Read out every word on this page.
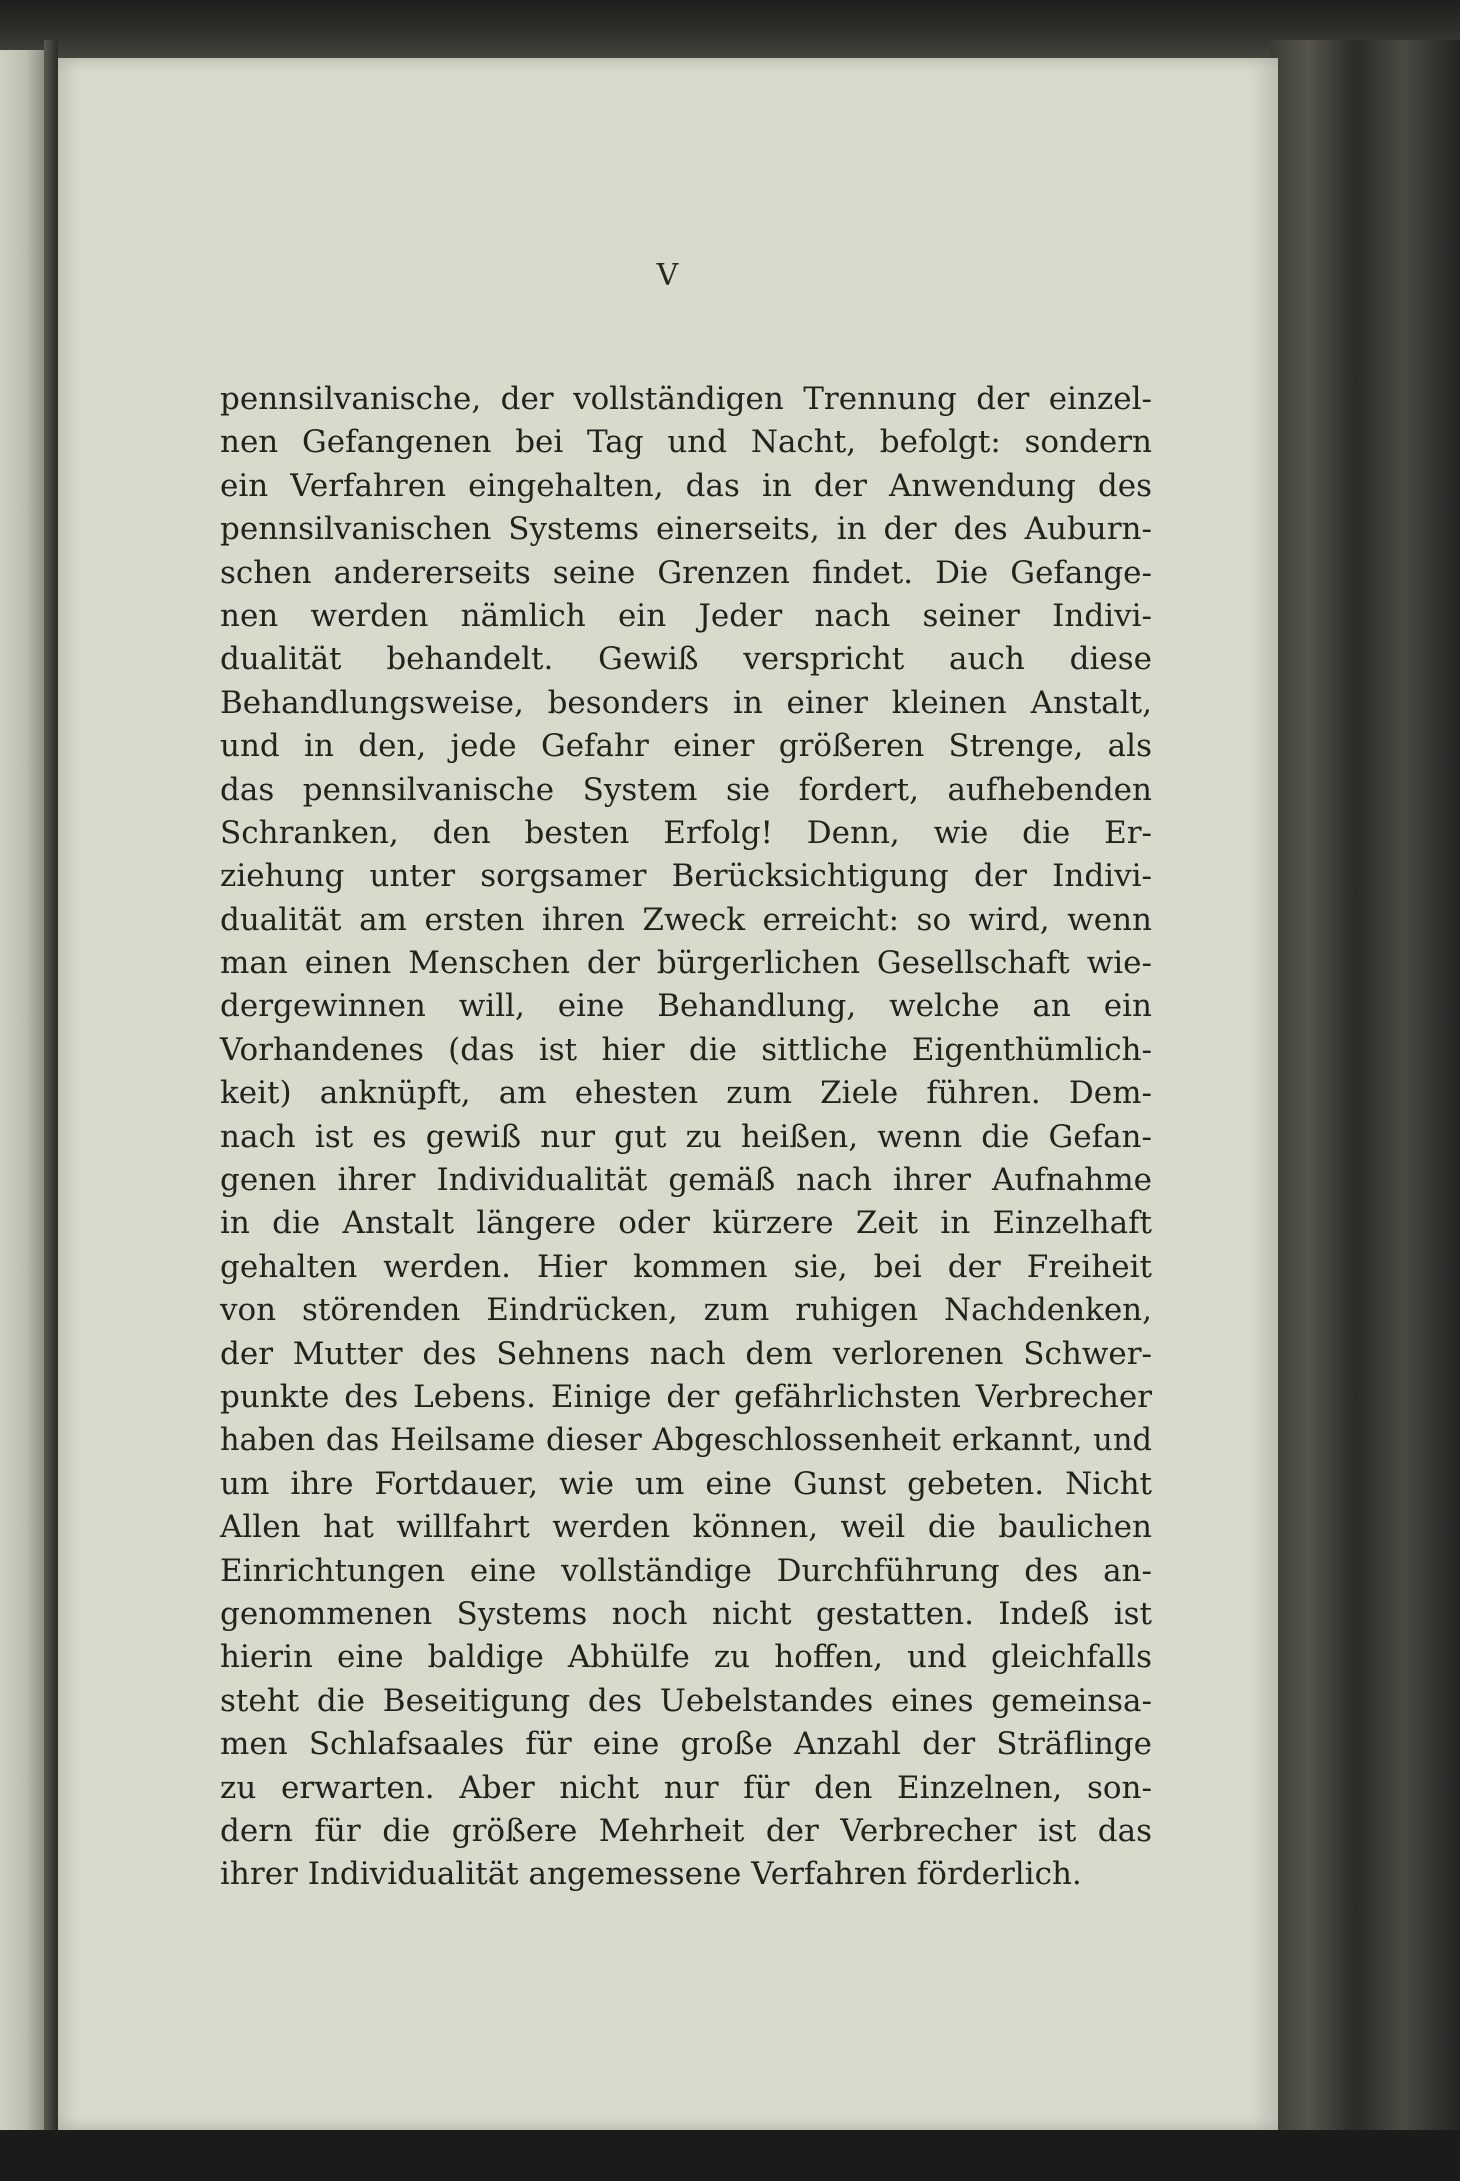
V
pennsilvanische, der vollständigen Trennung der einzel-
nen Gefangenen bei Tag und Nacht, befolgt: sondern
ein Verfahren eingehalten, das in der Anwendung des
pennsilvanischen Systems einerseits, in der des Auburn-
schen andererseits seine Grenzen findet. Die Gefange-
nen werden nämlich ein Jeder nach seiner Indivi-
dualität behandelt. Gewiß verspricht auch diese
Behandlungsweise, besonders in einer kleinen Anstalt,
und in den, jede Gefahr einer größeren Strenge, als
das pennsilvanische System sie fordert, aufhebenden
Schranken, den besten Erfolg! Denn, wie die Er-
ziehung unter sorgsamer Berücksichtigung der Indivi-
dualität am ersten ihren Zweck erreicht: so wird, wenn
man einen Menschen der bürgerlichen Gesellschaft wie-
dergewinnen will, eine Behandlung, welche an ein
Vorhandenes (das ist hier die sittliche Eigenthümlich-
keit) anknüpft, am ehesten zum Ziele führen. Dem-
nach ist es gewiß nur gut zu heißen, wenn die Gefan-
genen ihrer Individualität gemäß nach ihrer Aufnahme
in die Anstalt längere oder kürzere Zeit in Einzelhaft
gehalten werden. Hier kommen sie, bei der Freiheit
von störenden Eindrücken, zum ruhigen Nachdenken,
der Mutter des Sehnens nach dem verlorenen Schwer-
punkte des Lebens. Einige der gefährlichsten Verbrecher
haben das Heilsame dieser Abgeschlossenheit erkannt, und
um ihre Fortdauer, wie um eine Gunst gebeten. Nicht
Allen hat willfahrt werden können, weil die baulichen
Einrichtungen eine vollständige Durchführung des an-
genommenen Systems noch nicht gestatten. Indeß ist
hierin eine baldige Abhülfe zu hoffen, und gleichfalls
steht die Beseitigung des Uebelstandes eines gemeinsa-
men Schlafsaales für eine große Anzahl der Sträflinge
zu erwarten. Aber nicht nur für den Einzelnen, son-
dern für die größere Mehrheit der Verbrecher ist das
ihrer Individualität angemessene Verfahren förderlich.
